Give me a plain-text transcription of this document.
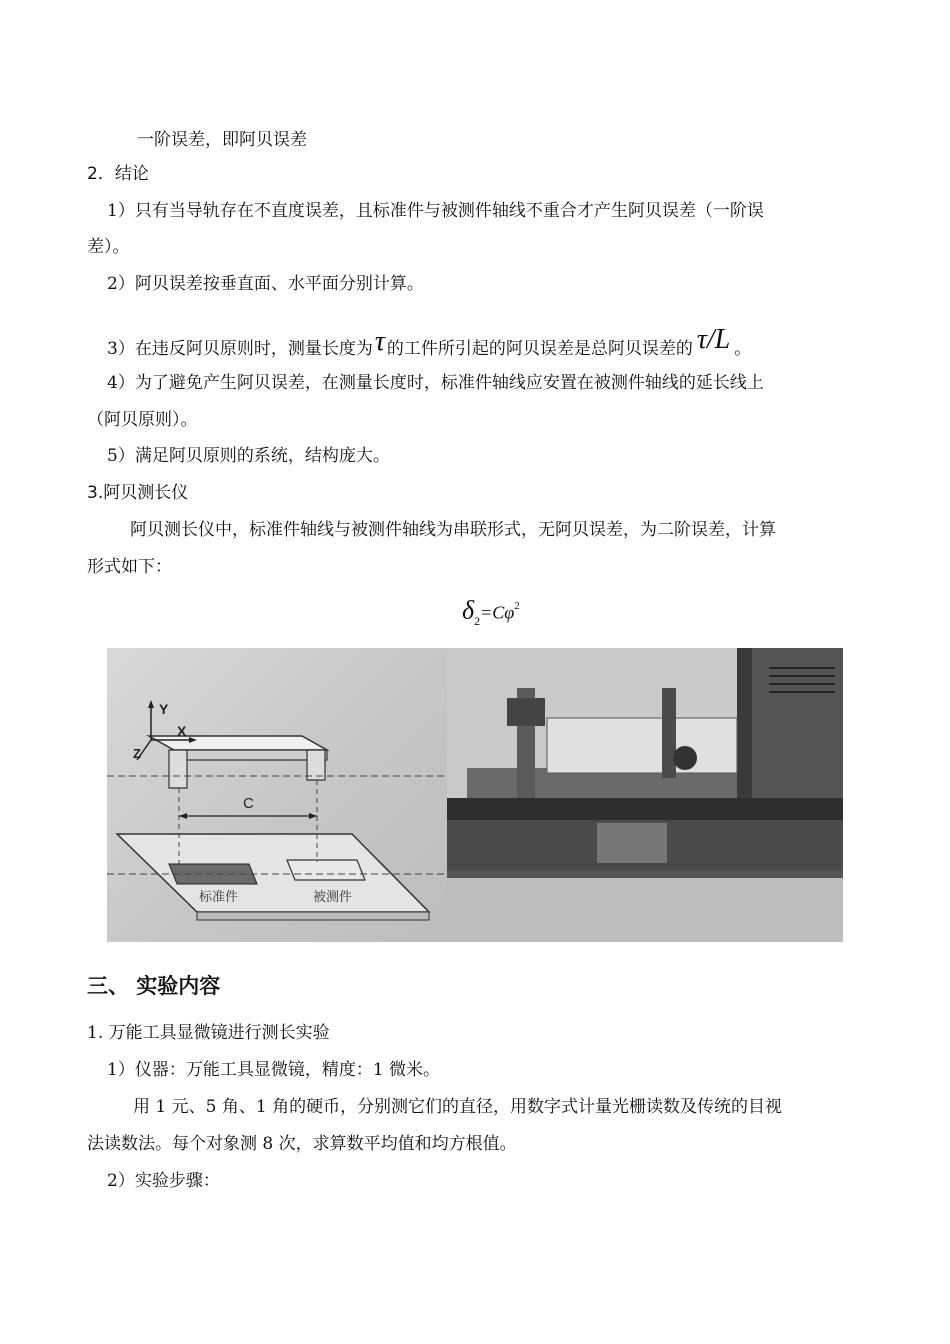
一阶误差，即阿贝误差
2．结论
1）只有当导轨存在不直度误差，且标准件与被测件轴线不重合才产生阿贝误差（一阶误
差）。
2）阿贝误差按垂直面、水平面分别计算。
3）在违反阿贝原则时，测量长度为τ 的工件所引起的阿贝误差是总阿贝误差的 τ/L 。
4）为了避免产生阿贝误差，在测量长度时，标准件轴线应安置在被测件轴线的延长线上
（阿贝原则）。
5）满足阿贝原则的系统，结构庞大。
3.阿贝测长仪
阿贝测长仪中，标准件轴线与被测件轴线为串联形式，无阿贝误差，为二阶误差，计算
形式如下：
$\delta_2=C\varphi^2$
Y
X
Z
C
标准件	被测件
三、 实验内容
1. 万能工具显微镜进行测长实验
1）仪器：万能工具显微镜，精度：1 微米。
用 1 元、5 角、1 角的硬币，分别测它们的直径，用数字式计量光栅读数及传统的目视
法读数法。每个对象测 8 次，求算数平均值和均方根值。
2）实验步骤：
